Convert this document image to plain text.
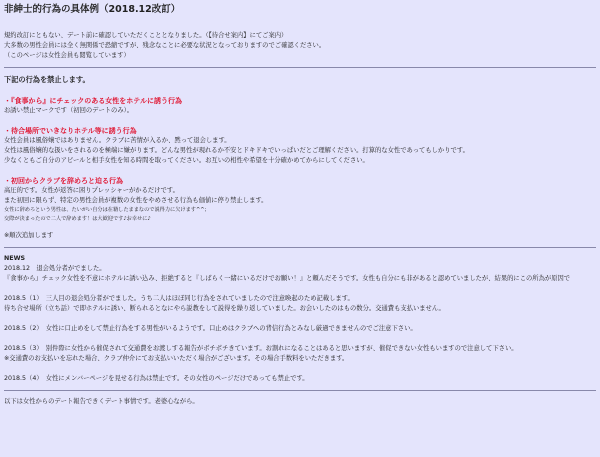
非紳士的行為の具体例（2018.12改訂）
規約改訂にともない、デート前に確認していただくこととなりました。（【待合せ案内】にてご案内）
大多数の男性会員には全く無関係で恐縮ですが、残念なことに必要な状況となっておりますのでご確認ください。
（このページは女性会員も閲覧しています）
下記の行為を禁止します。
・『食事から』にチェックのある女性をホテルに誘う行為
お誘い禁止マークです（初回のデートのみ）。
・待合場所でいきなりホテル等に誘う行為
女性会員は風俗嬢ではありません。クラブに苦情が入るか、黙って退会します。
女性は風俗嬢的な扱いをされるのを極端に嫌がります。どんな男性が現れるか不安とドキドキでいっぱいだとご理解ください。打算的な女性であってもしかりです。
少なくともご自分のアピールと相手女性を知る時間を取ってください。お互いの相性や希望を十分確かめてからにしてください。
・初回からクラブを辞めろと迫る行為
高圧的です。女性が返答に困りプレッシャーがかるだけです。
また初回に限らず、特定の男性会員が複数の女性をやめさせる行為も価値に停り禁止します。
女性に辞めろという男性は、たいがい自分は在籍したままなので説得力に欠けます^^;
交際が決まったので二人で辞めます！は大歓迎です♪お幸せに♪
※順次追加します
NEWS
2018.12　退会処分者がでました。
『食事から』チェック女性を不意にホテルに誘い込み、拒絶すると『しばらく一緒にいるだけでお願い！』と頼んだそうです。女性も自分にも非があると認めていましたが、結果的にこの所為が原因で
2018.5（1）　三人目の退会処分者がでました。うち二人はほぼ同じ行為をされていましたので注意喚起のため記載します。
待ち合せ場所（立ち話）で即ホテルに誘い、断られるとなにやら説教をして説得を繰り返していました。お会いしたのはもの数分。交通費も支払いません。
2018.5（2）　女性に口止めをして禁止行為をする男性がいるようです。口止めはクラブへの背信行為とみなし厳過できませんのでご注意下さい。
2018.5（3）　別件際に女性から催促されて交通費をお渡しする報告がボチボチきています。お割れになることはあると思いますが、催促できない女性もいますので注意して下さい。
※交通費のお支払いを忘れた場合、クラブ仲介にてお支払いいただく場合がございます。その場合手数料をいただきます。
2018.5（4）　女性にメンバーページを見せる行為は禁止です。その女性のページだけであっても禁止です。
以下は女性からのデート報告できくデート事情です。老婆心ながら。
